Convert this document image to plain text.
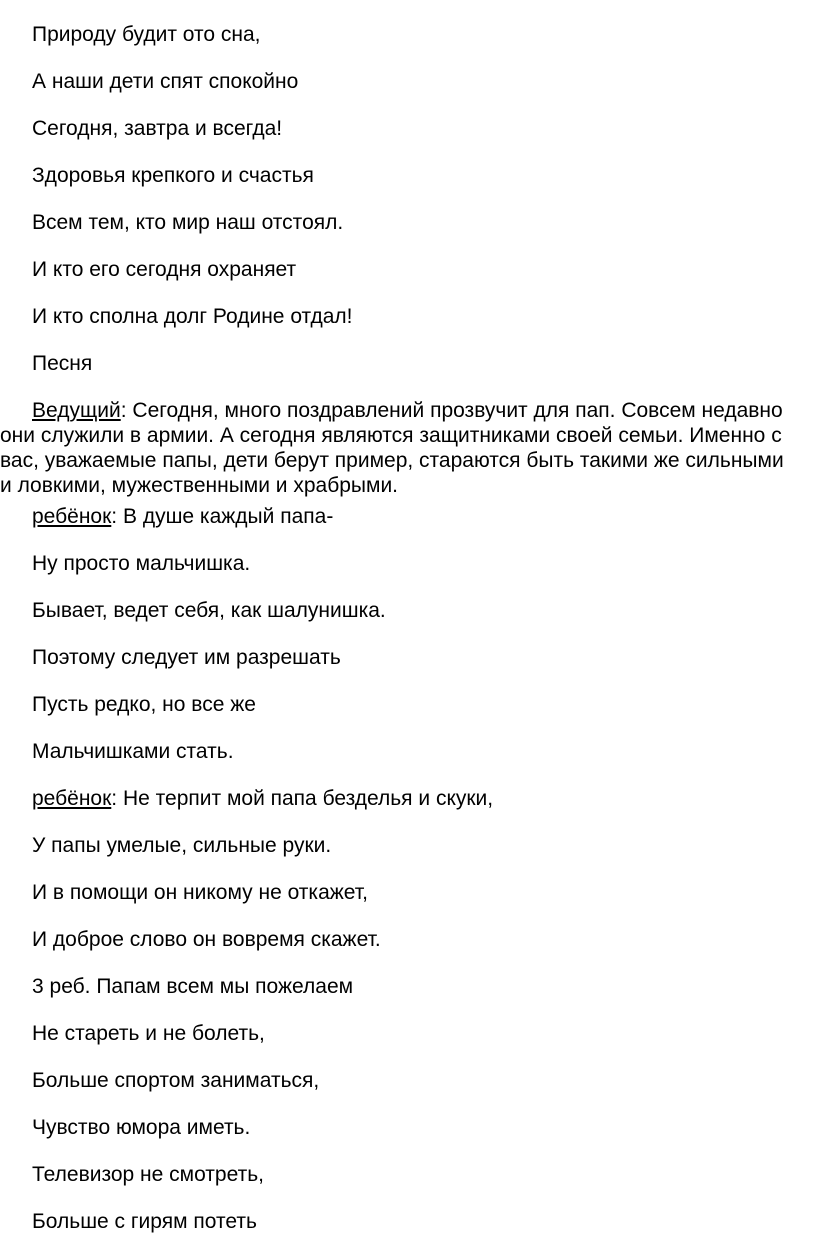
Природу будит ото сна,
А наши дети спят спокойно
Сегодня, завтра и всегда!
Здоровья крепкого и счастья
Всем тем, кто мир наш отстоял.
И кто его сегодня охраняет
И кто сполна долг Родине отдал!
Песня
Ведущий: Сегодня, много поздравлений прозвучит для пап. Совсем недавно они служили в армии. А сегодня являются защитниками своей семьи. Именно с вас, уважаемые папы, дети берут пример, стараются быть такими же сильными и ловкими, мужественными и храбрыми.
ребёнок: В душе каждый папа-
Ну просто мальчишка.
Бывает, ведет себя, как шалунишка.
Поэтому следует им разрешать
Пусть редко, но все же
Мальчишками стать.
ребёнок: Не терпит мой папа безделья и скуки,
У папы умелые, сильные руки.
И в помощи он никому не откажет,
И доброе слово он вовремя скажет.
3 реб. Папам всем мы пожелаем
Не стареть и не болеть,
Больше спортом заниматься,
Чувство юмора иметь.
Телевизор не смотреть,
Больше с гирям потеть
